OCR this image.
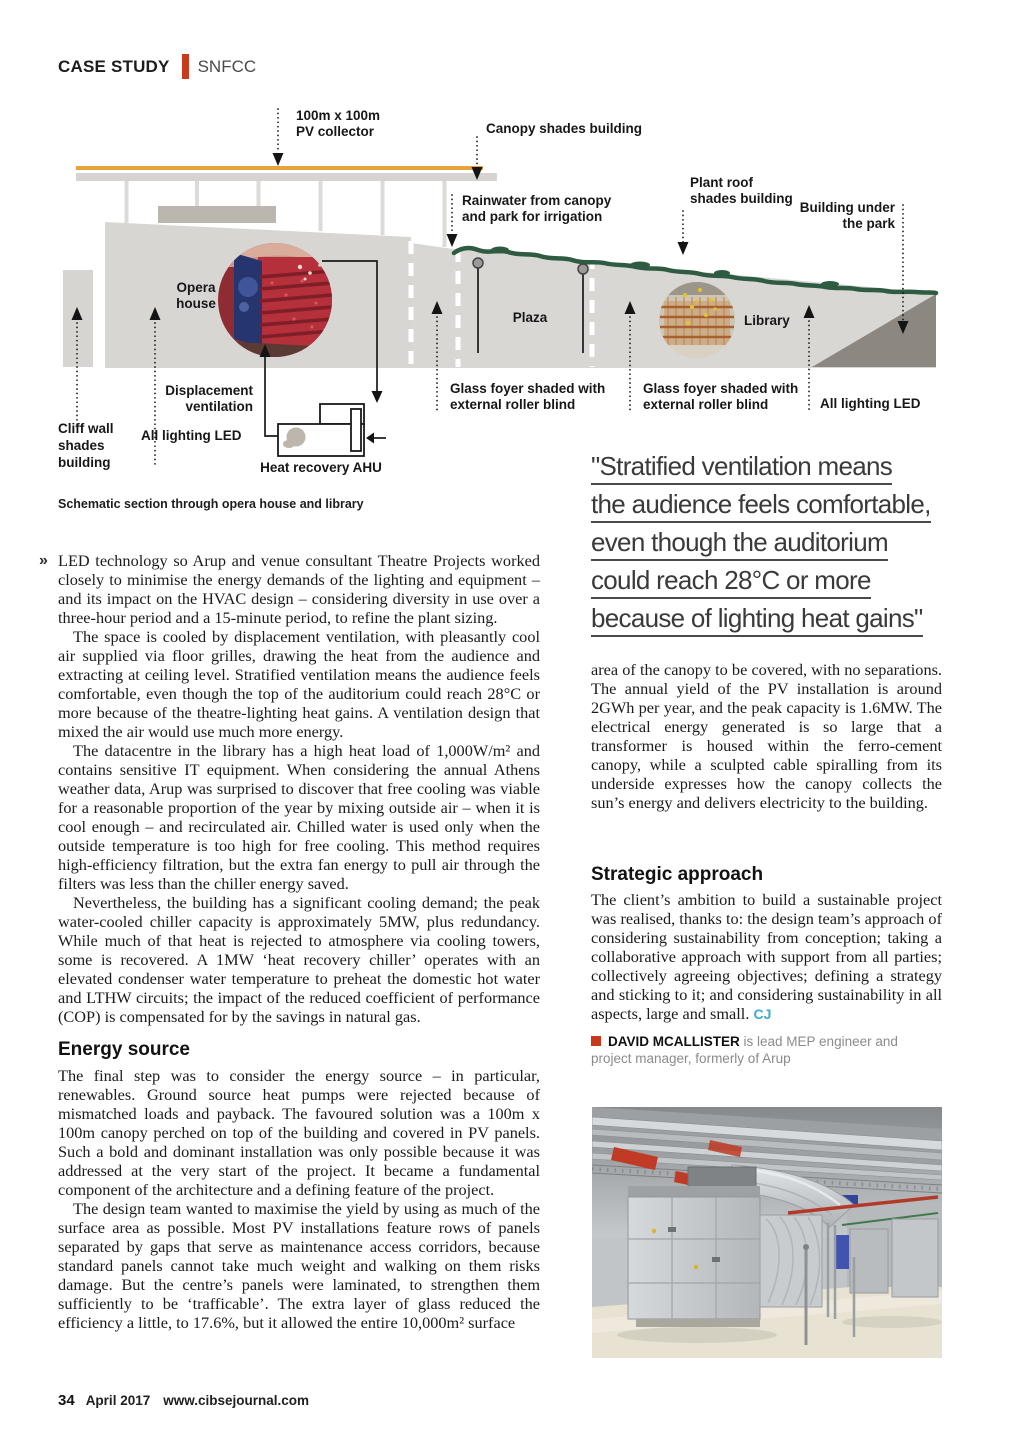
CASE STUDY SNFCC
100m x 100m
PV collector	Canopy shades building
Rainwater from canopy
and park for irrigation
Plant roof
shades building
Building under
the park
Opera
house
Plaza	Library
Displacement
ventilation
All lighting LED
Cliff wall
shades
building	Heat recovery AHU
Glass foyer shaded with
external roller blind
Glass foyer shaded with
external roller blind	All lighting LED
Schematic section through opera house and library

» LED technology so Arup and venue consultant Theatre Projects worked closely to minimise the energy demands of the lighting and equipment – and its impact on the HVAC design – considering diversity in use over a three-hour period and a 15-minute period, to refine the plant sizing.

The space is cooled by displacement ventilation, with pleasantly cool air supplied via floor grilles, drawing the heat from the audience and extracting at ceiling level. Stratified ventilation means the audience feels comfortable, even though the top of the auditorium could reach 28°C or more because of the theatre-lighting heat gains. A ventilation design that mixed the air would use much more energy.

The datacentre in the library has a high heat load of 1,000W/m² and contains sensitive IT equipment. When considering the annual Athens weather data, Arup was surprised to discover that free cooling was viable for a reasonable proportion of the year by mixing outside air – when it is cool enough – and recirculated air. Chilled water is used only when the outside temperature is too high for free cooling. This method requires high-efficiency filtration, but the extra fan energy to pull air through the filters was less than the chiller energy saved.

Nevertheless, the building has a significant cooling demand; the peak water-cooled chiller capacity is approximately 5MW, plus redundancy. While much of that heat is rejected to atmosphere via cooling towers, some is recovered. A 1MW ‘heat recovery chiller’ operates with an elevated condenser water temperature to preheat the domestic hot water and LTHW circuits; the impact of the reduced coefficient of performance (COP) is compensated for by the savings in natural gas.

Energy source

The final step was to consider the energy source – in particular, renewables. Ground source heat pumps were rejected because of mismatched loads and payback. The favoured solution was a 100m x 100m canopy perched on top of the building and covered in PV panels. Such a bold and dominant installation was only possible because it was addressed at the very start of the project. It became a fundamental component of the architecture and a defining feature of the project.

The design team wanted to maximise the yield by using as much of the surface area as possible. Most PV installations feature rows of panels separated by gaps that serve as maintenance access corridors, because standard panels cannot take much weight and walking on them risks damage. But the centre’s panels were laminated, to strengthen them sufficiently to be ‘trafficable’. The extra layer of glass reduced the efficiency a little, to 17.6%, but it allowed the entire 10,000m² surface

"Stratified ventilation means
the audience feels comfortable,
even though the auditorium
could reach 28°C or more
because of lighting heat gains"

area of the canopy to be covered, with no separations. The annual yield of the PV installation is around 2GWh per year, and the peak capacity is 1.6MW. The electrical energy generated is so large that a transformer is housed within the ferro-cement canopy, while a sculpted cable spiralling from its underside expresses how the canopy collects the sun’s energy and delivers electricity to the building.

Strategic approach

The client’s ambition to build a sustainable project was realised, thanks to: the design team’s approach of considering sustainability from conception; taking a collaborative approach with support from all parties; collectively agreeing objectives; defining a strategy and sticking to it; and considering sustainability in all aspects, large and small. CJ

DAVID MCALLISTER is lead MEP engineer and project manager, formerly of Arup
34 April 2017 www.cibsejournal.com
